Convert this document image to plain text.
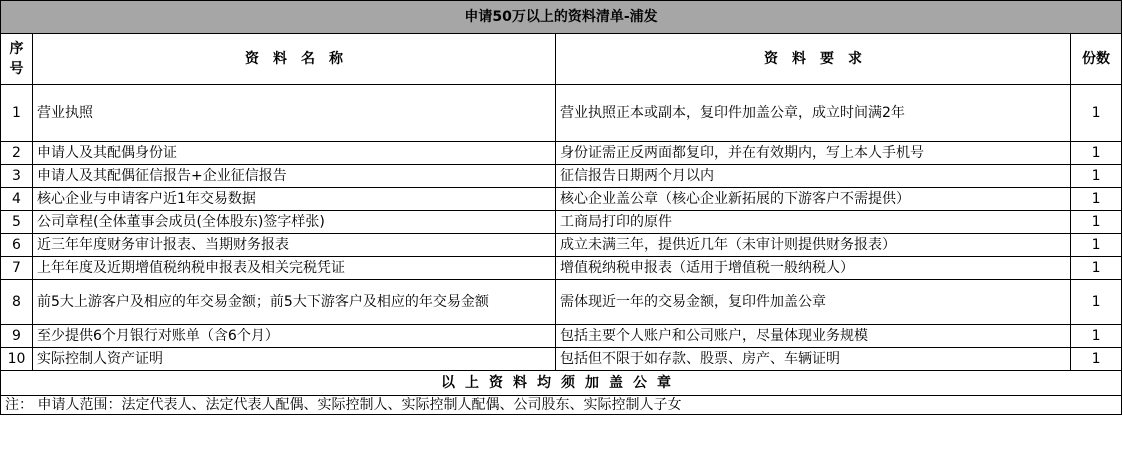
申请50万以上的资料清单-浦发			
序号	资　料　名　称	资　料　要　求	份数
1	营业执照	营业执照正本或副本，复印件加盖公章，成立时间满2年	1
2	申请人及其配偶身份证	身份证需正反两面都复印，并在有效期内，写上本人手机号	1
3	申请人及其配偶征信报告+企业征信报告	征信报告日期两个月以内	1
4	核心企业与申请客户近1年交易数据	核心企业盖公章（核心企业新拓展的下游客户不需提供）	1
5	公司章程(全体董事会成员(全体股东)签字样张)	工商局打印的原件	1
6	近三年年度财务审计报表、当期财务报表	成立未满三年，提供近几年（未审计则提供财务报表）	1
7	上年年度及近期增值税纳税申报表及相关完税凭证	增值税纳税申报表（适用于增值税一般纳税人）	1
8	前5大上游客户及相应的年交易金额；前5大下游客户及相应的年交易金额	需体现近一年的交易金额，复印件加盖公章	1
9	至少提供6个月银行对账单（含6个月）	包括主要个人账户和公司账户，尽量体现业务规模	1
10	实际控制人资产证明	包括但不限于如存款、股票、房产、车辆证明	1
以上资料均须加盖公章			
注： 申请人范围：法定代表人、法定代表人配偶、实际控制人、实际控制人配偶、公司股东、实际控制人子女			
